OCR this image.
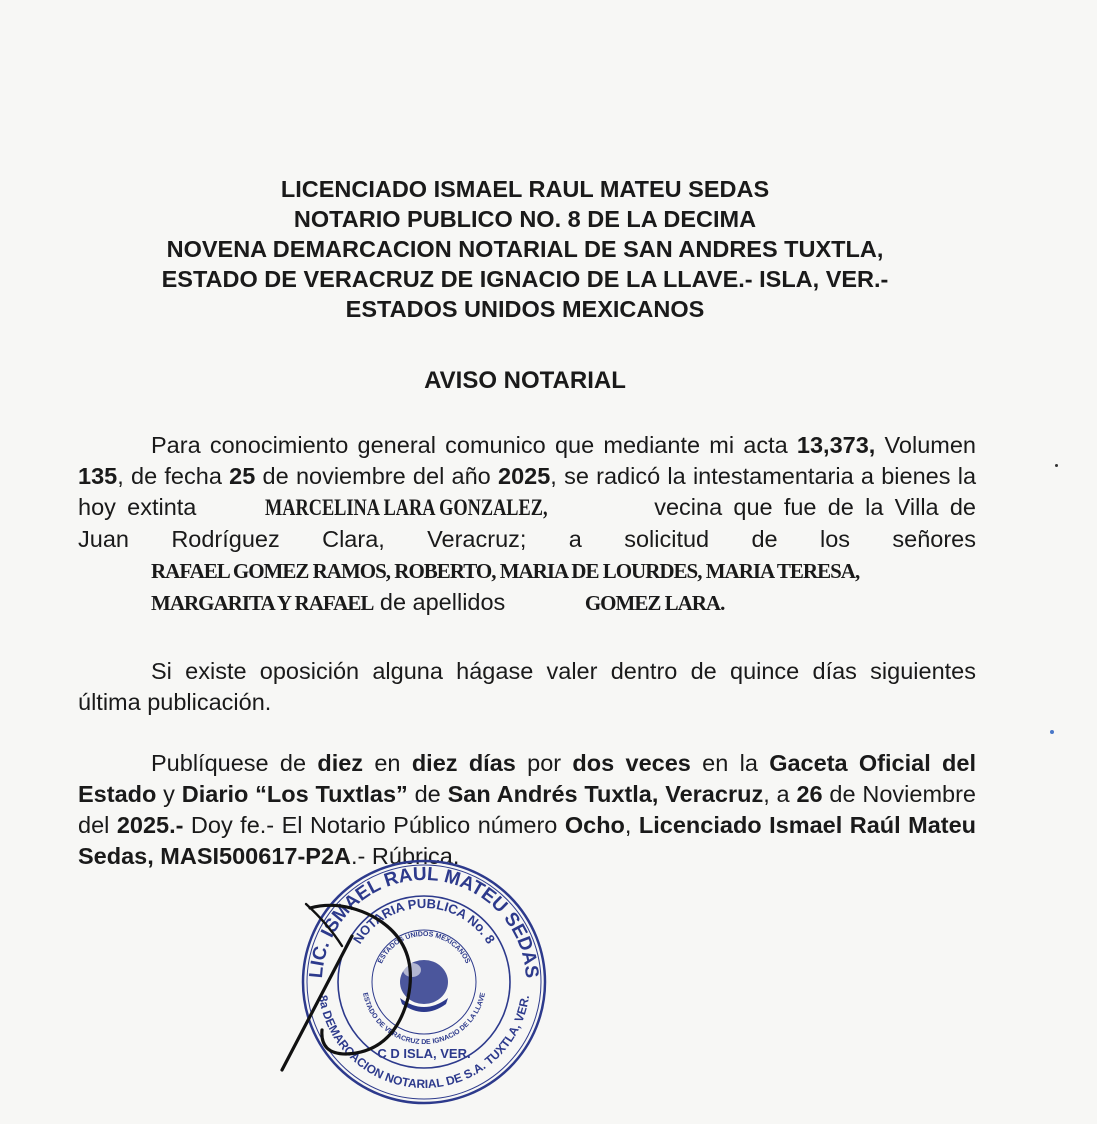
LICENCIADO ISMAEL RAUL MATEU SEDAS
NOTARIO PUBLICO NO. 8 DE LA DECIMA
NOVENA DEMARCACION NOTARIAL DE SAN ANDRES TUXTLA,
ESTADO DE VERACRUZ DE IGNACIO DE LA LLAVE.- ISLA, VER.-
ESTADOS UNIDOS MEXICANOS
AVISO NOTARIAL

Para conocimiento general comunico que mediante mi acta 13,373, Volumen 135, de fecha 25 de noviembre del año 2025, se radicó la intestamentaria a bienes la hoy extinta MARCELINA LARA GONZALEZ,	vecina que fue de la Villa de Juan Rodríguez Clara, Veracruz; a solicitud de los señores RAFAEL GOMEZ RAMOS, ROBERTO, MARIA DE LOURDES, MARIA TERESA, MARGARITA Y RAFAEL de apellidos	GOMEZ LARA.

Si existe oposición alguna hágase valer dentro de quince días siguientes última publicación.

Publíquese de diez en diez días por dos veces en la Gaceta Oficial del Estado y Diario “Los Tuxtlas” de San Andrés Tuxtla, Veracruz, a 26 de Noviembre del 2025.- Doy fe.- El Notario Público número Ocho, Licenciado Ismael Raúl Mateu Sedas, MASI500617-P2A.- Rúbrica.

LIC. ISMAEL RAUL MATEU SEDAS
8a DEMARCACION NOTARIAL DE S.A. TUXTLA, VER.
NOTARIA PUBLICA No. 8
ESTADOS UNIDOS MEXICANOS
ESTADO DE VERACRUZ DE IGNACIO DE LA LLAVE
C D ISLA, VER.
